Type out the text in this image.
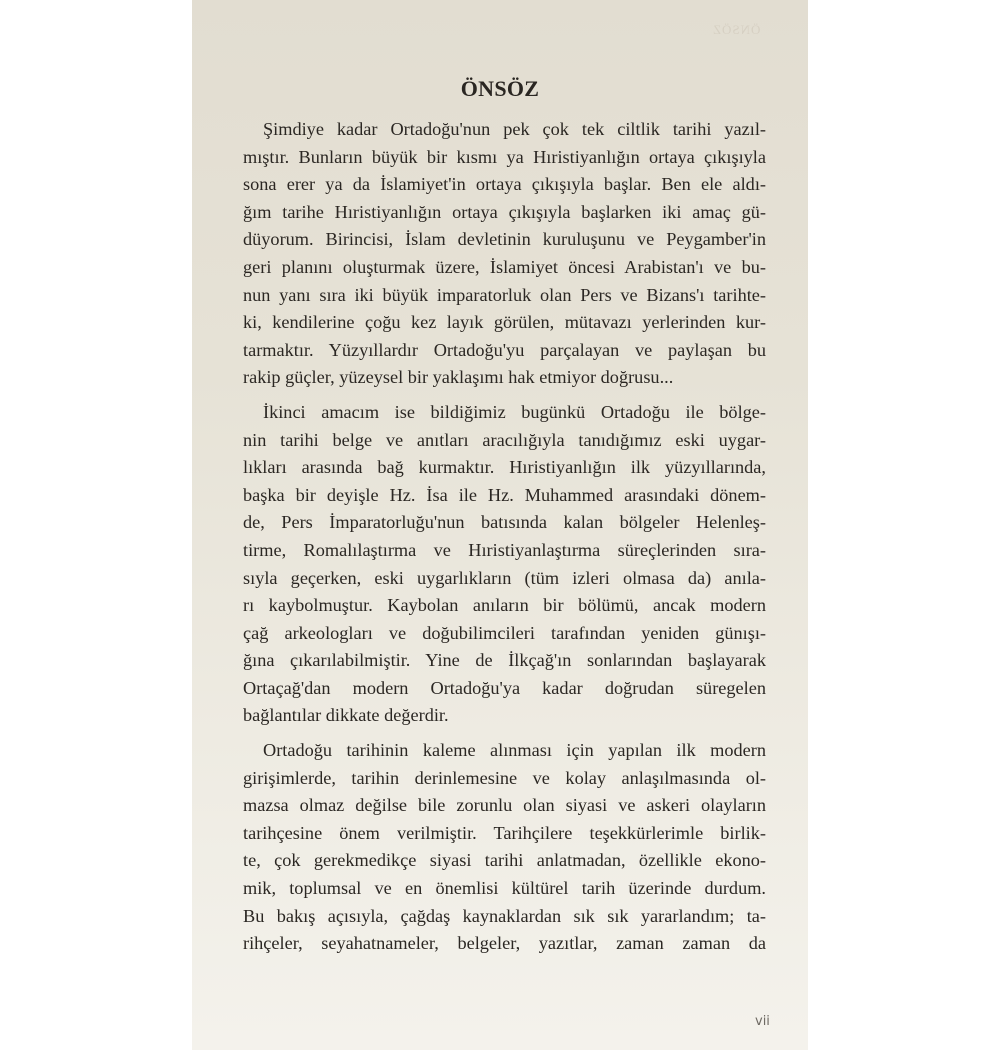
ÖNSÖZ
ÖNSÖZ
Şimdiye kadar Ortadoğu'nun pek çok tek ciltlik tarihi yazıl-
mıştır. Bunların büyük bir kısmı ya Hıristiyanlığın ortaya çıkışıyla
sona erer ya da İslamiyet'in ortaya çıkışıyla başlar. Ben ele aldı-
ğım tarihe Hıristiyanlığın ortaya çıkışıyla başlarken iki amaç gü-
düyorum. Birincisi, İslam devletinin kuruluşunu ve Peygamber'in
geri planını oluşturmak üzere, İslamiyet öncesi Arabistan'ı ve bu-
nun yanı sıra iki büyük imparatorluk olan Pers ve Bizans'ı tarihte-
ki, kendilerine çoğu kez layık görülen, mütavazı yerlerinden kur-
tarmaktır. Yüzyıllardır Ortadoğu'yu parçalayan ve paylaşan bu
rakip güçler, yüzeysel bir yaklaşımı hak etmiyor doğrusu...
İkinci amacım ise bildiğimiz bugünkü Ortadoğu ile bölge-
nin tarihi belge ve anıtları aracılığıyla tanıdığımız eski uygar-
lıkları arasında bağ kurmaktır. Hıristiyanlığın ilk yüzyıllarında,
başka bir deyişle Hz. İsa ile Hz. Muhammed arasındaki dönem-
de, Pers İmparatorluğu'nun batısında kalan bölgeler Helenleş-
tirme, Romalılaştırma ve Hıristiyanlaştırma süreçlerinden sıra-
sıyla geçerken, eski uygarlıkların (tüm izleri olmasa da) anıla-
rı kaybolmuştur. Kaybolan anıların bir bölümü, ancak modern
çağ arkeologları ve doğubilimcileri tarafından yeniden günışı-
ğına çıkarılabilmiştir. Yine de İlkçağ'ın sonlarından başlayarak
Ortaçağ'dan modern Ortadoğu'ya kadar doğrudan süregelen
bağlantılar dikkate değerdir.
Ortadoğu tarihinin kaleme alınması için yapılan ilk modern
girişimlerde, tarihin derinlemesine ve kolay anlaşılmasında ol-
mazsa olmaz değilse bile zorunlu olan siyasi ve askeri olayların
tarihçesine önem verilmiştir. Tarihçilere teşekkürlerimle birlik-
te, çok gerekmedikçe siyasi tarihi anlatmadan, özellikle ekono-
mik, toplumsal ve en önemlisi kültürel tarih üzerinde durdum.
Bu bakış açısıyla, çağdaş kaynaklardan sık sık yararlandım; ta-
rihçeler, seyahatnameler, belgeler, yazıtlar, zaman zaman da
vii
